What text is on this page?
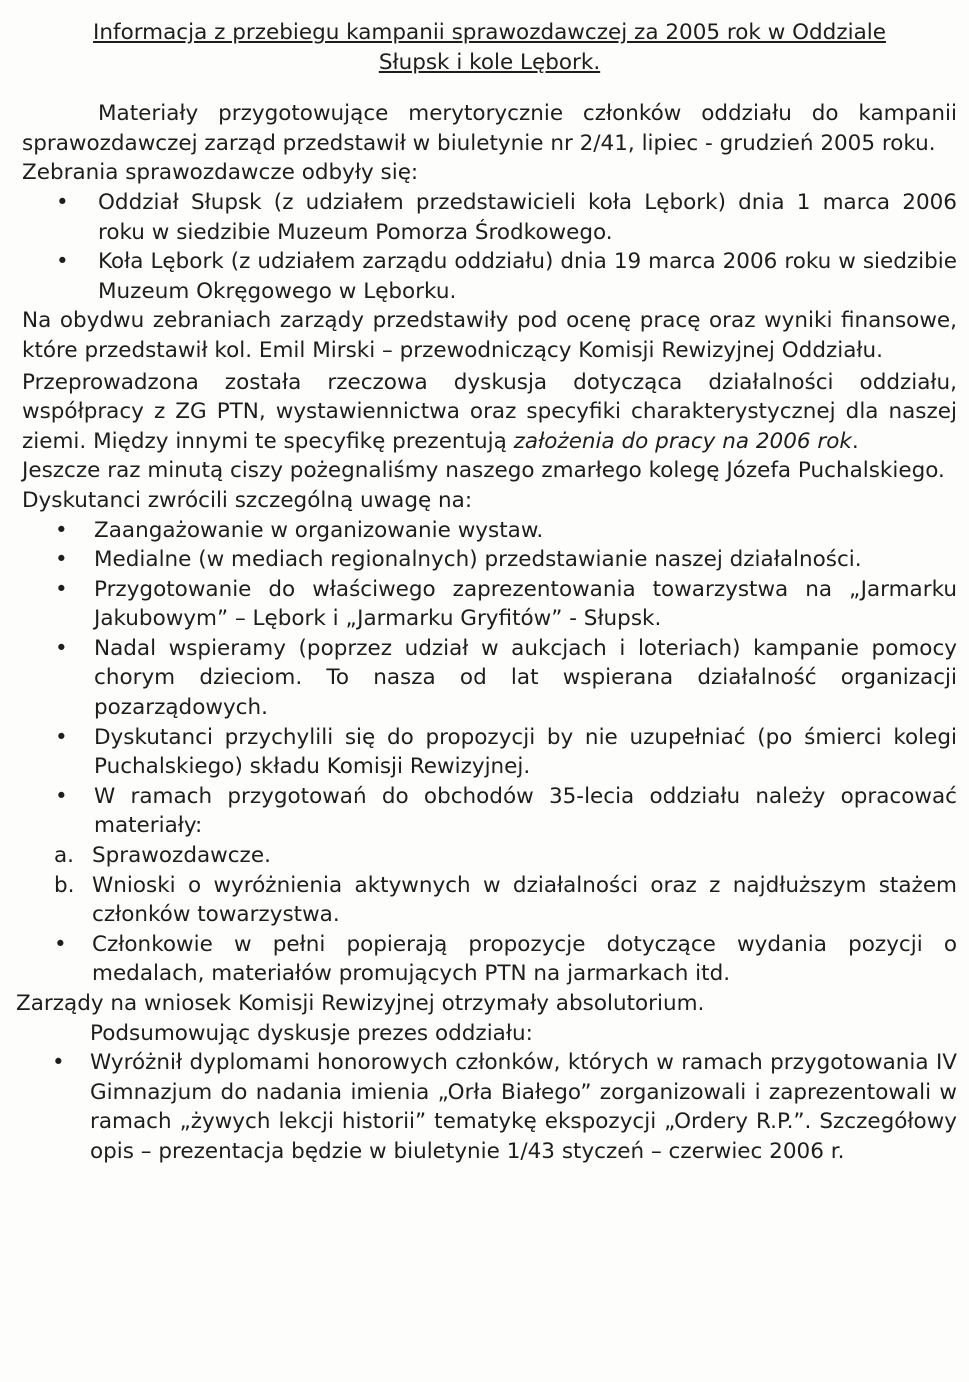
Informacja z przebiegu kampanii sprawozdawczej za 2005 rok w Oddziale
Słupsk i kole Lębork.

Materiały przygotowujące merytorycznie członków oddziału do kampanii sprawozdawczej zarząd przedstawił w biuletynie nr 2/41, lipiec - grudzień 2005 roku.

Zebrania sprawozdawcze odbyły się:

• Oddział Słupsk (z udziałem przedstawicieli koła Lębork) dnia 1 marca 2006 roku w siedzibie Muzeum Pomorza Środkowego.
• Koła Lębork (z udziałem zarządu oddziału) dnia 19 marca 2006 roku w siedzibie Muzeum Okręgowego w Lęborku.

Na obydwu zebraniach zarządy przedstawiły pod ocenę pracę oraz wyniki finansowe, które przedstawił kol. Emil Mirski – przewodniczący Komisji Rewizyjnej Oddziału.

Przeprowadzona została rzeczowa dyskusja dotycząca działalności oddziału, współpracy z ZG PTN, wystawiennictwa oraz specyfiki charakterystycznej dla naszej ziemi. Między innymi te specyfikę prezentują założenia do pracy na 2006 rok.

Jeszcze raz minutą ciszy pożegnaliśmy naszego zmarłego kolegę Józefa Puchalskiego.

Dyskutanci zwrócili szczególną uwagę na:

• Zaangażowanie w organizowanie wystaw.
• Medialne (w mediach regionalnych) przedstawianie naszej działalności.
• Przygotowanie do właściwego zaprezentowania towarzystwa na „Jarmarku Jakubowym” – Lębork i „Jarmarku Gryfitów” - Słupsk.
• Nadal wspieramy (poprzez udział w aukcjach i loteriach) kampanie pomocy chorym dzieciom. To nasza od lat wspierana działalność organizacji pozarządowych.
• Dyskutanci przychylili się do propozycji by nie uzupełniać (po śmierci kolegi Puchalskiego) składu Komisji Rewizyjnej.
• W ramach przygotowań do obchodów 35-lecia oddziału należy opracować materiały:
a. Sprawozdawcze.
b. Wnioski o wyróżnienia aktywnych w działalności oraz z najdłuższym stażem członków towarzystwa.
• Członkowie w pełni popierają propozycje dotyczące wydania pozycji o medalach, materiałów promujących PTN na jarmarkach itd.

Zarządy na wniosek Komisji Rewizyjnej otrzymały absolutorium.

Podsumowując dyskusje prezes oddziału:

• Wyróżnił dyplomami honorowych członków, których w ramach przygotowania IV Gimnazjum do nadania imienia „Orła Białego” zorganizowali i zaprezentowali w ramach „żywych lekcji historii” tematykę ekspozycji „Ordery R.P.”. Szczegółowy opis – prezentacja będzie w biuletynie 1/43 styczeń – czerwiec 2006 r.
